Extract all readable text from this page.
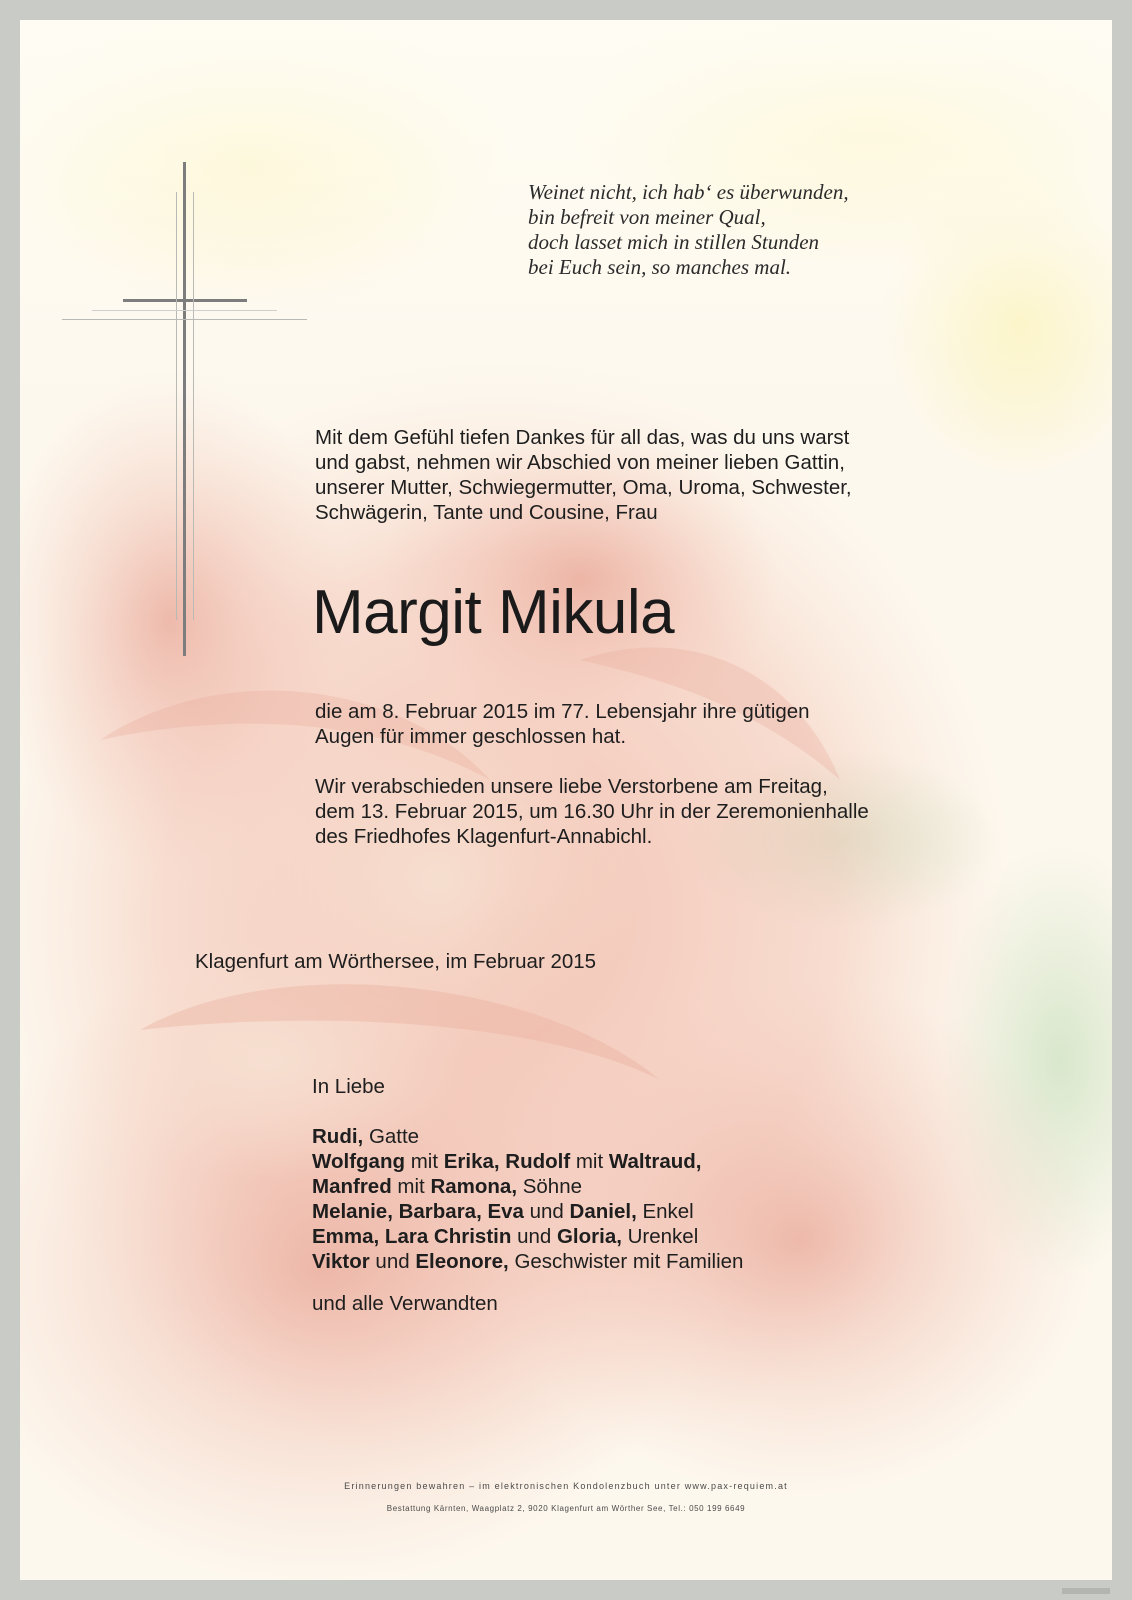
Weinet nicht, ich hab‘ es überwunden,
bin befreit von meiner Qual,
doch lasset mich in stillen Stunden
bei Euch sein, so manches mal.

Mit dem Gefühl tiefen Dankes für all das, was du uns warst
und gabst, nehmen wir Abschied von meiner lieben Gattin,
unserer Mutter, Schwiegermutter, Oma, Uroma, Schwester,
Schwägerin, Tante und Cousine, Frau

Margit Mikula

die am 8. Februar 2015 im 77. Lebensjahr ihre gütigen
Augen für immer geschlossen hat.

Wir verabschieden unsere liebe Verstorbene am Freitag,
dem 13. Februar 2015, um 16.30 Uhr in der Zeremonienhalle
des Friedhofes Klagenfurt-Annabichl.

Klagenfurt am Wörthersee, im Februar 2015

In Liebe

Rudi, Gatte
Wolfgang mit Erika, Rudolf mit Waltraud,
Manfred mit Ramona, Söhne
Melanie, Barbara, Eva und Daniel, Enkel
Emma, Lara Christin und Gloria, Urenkel
Viktor und Eleonore, Geschwister mit Familien

und alle Verwandten

Erinnerungen bewahren – im elektronischen Kondolenzbuch unter www.pax-requiem.at

Bestattung Kärnten, Waagplatz 2, 9020 Klagenfurt am Wörther See, Tel.: 050 199 6649
